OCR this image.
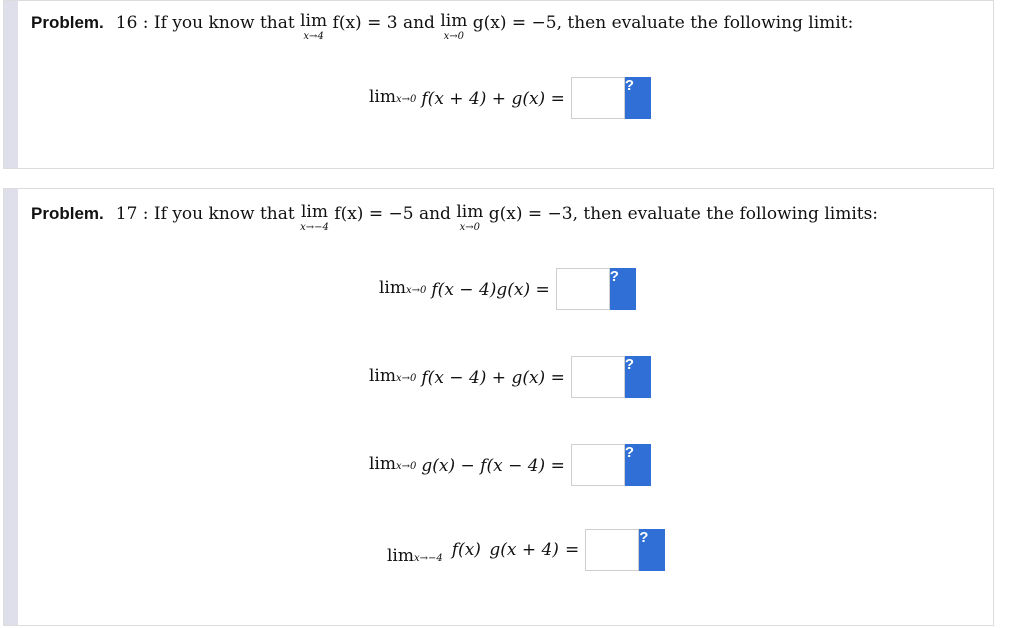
Problem. 16 : If you know that lim
x→4
f(x) = 3 and lim
x→0
g(x) = −5, then evaluate the following limit:
limx→0 f(x + 4) + g(x) =
?
Problem. 17 : If you know that lim
x→−4
f(x) = −5 and lim
x→0
g(x) = −3, then evaluate the following limits:
limx→0 f(x − 4)g(x) =
?
limx→0 f(x − 4) + g(x) =
?
limx→0 g(x) − f(x − 4) =
?
limx→−4 f(x) g(x + 4) =
?
